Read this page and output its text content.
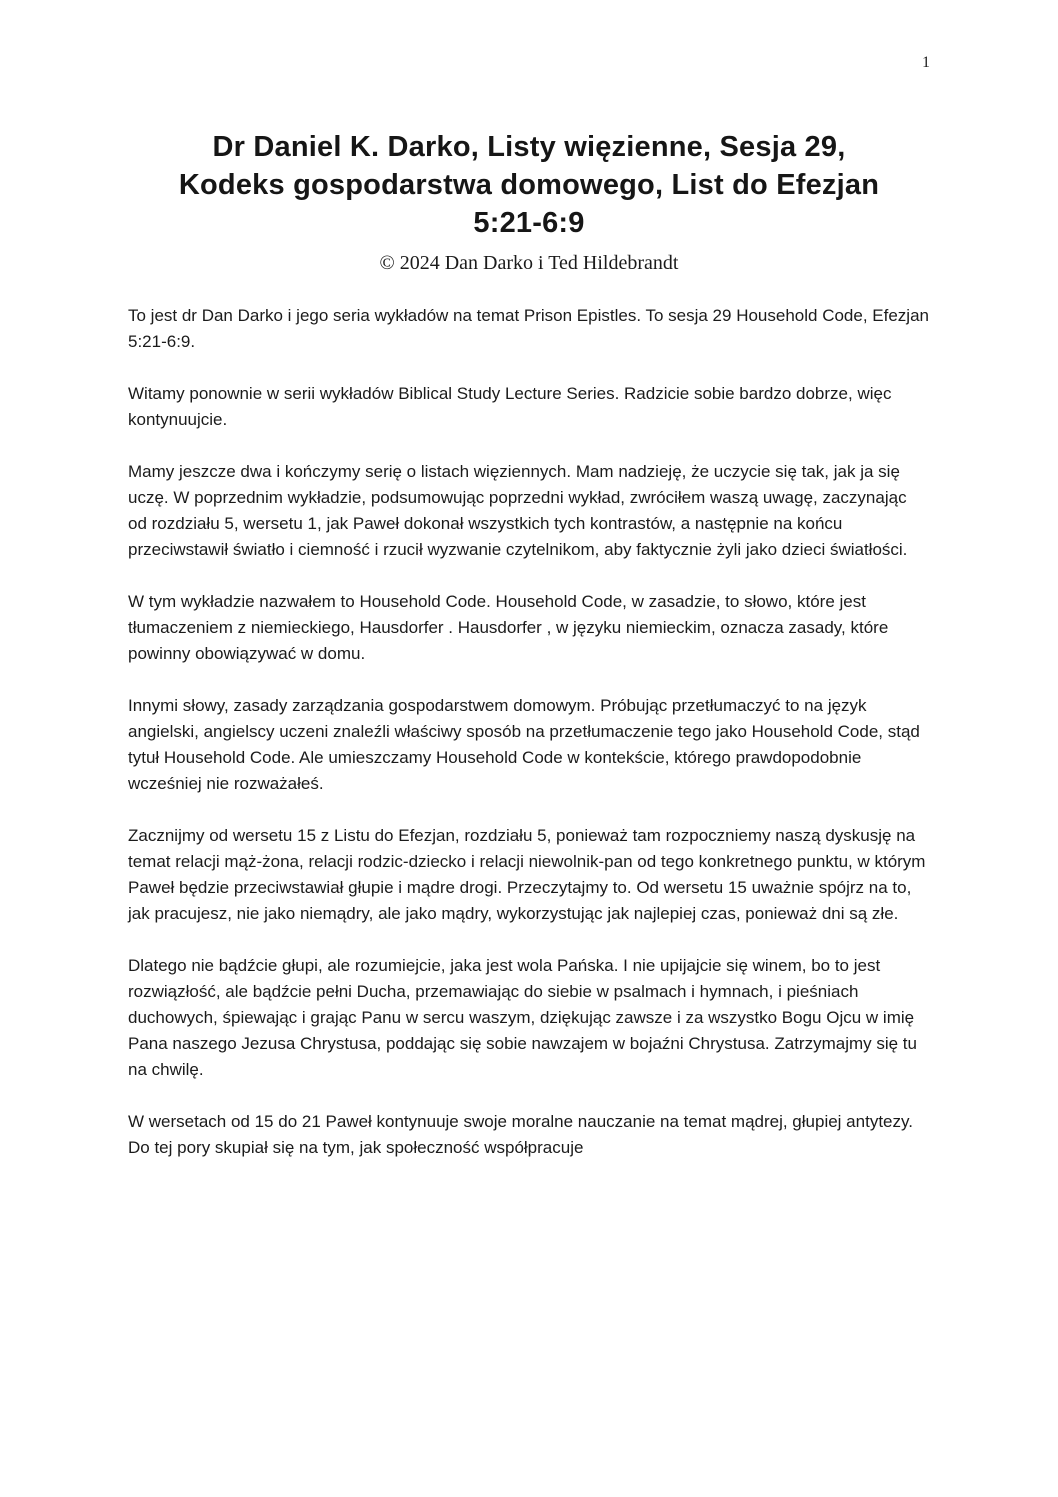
1
Dr Daniel K. Darko, Listy więzienne, Sesja 29,
Kodeks gospodarstwa domowego, List do Efezjan
5:21-6:9
© 2024 Dan Darko i Ted Hildebrandt

To jest dr Dan Darko i jego seria wykładów na temat Prison Epistles. To sesja 29 Household Code, Efezjan 5:21-6:9.

Witamy ponownie w serii wykładów Biblical Study Lecture Series. Radzicie sobie bardzo dobrze, więc kontynuujcie.

Mamy jeszcze dwa i kończymy serię o listach więziennych. Mam nadzieję, że uczycie się tak, jak ja się uczę. W poprzednim wykładzie, podsumowując poprzedni wykład, zwróciłem waszą uwagę, zaczynając od rozdziału 5, wersetu 1, jak Paweł dokonał wszystkich tych kontrastów, a następnie na końcu przeciwstawił światło i ciemność i rzucił wyzwanie czytelnikom, aby faktycznie żyli jako dzieci światłości.

W tym wykładzie nazwałem to Household Code. Household Code, w zasadzie, to słowo, które jest tłumaczeniem z niemieckiego, Hausdorfer . Hausdorfer , w języku niemieckim, oznacza zasady, które powinny obowiązywać w domu.

Innymi słowy, zasady zarządzania gospodarstwem domowym. Próbując przetłumaczyć to na język angielski, angielscy uczeni znaleźli właściwy sposób na przetłumaczenie tego jako Household Code, stąd tytuł Household Code. Ale umieszczamy Household Code w kontekście, którego prawdopodobnie wcześniej nie rozważałeś.

Zacznijmy od wersetu 15 z Listu do Efezjan, rozdziału 5, ponieważ tam rozpoczniemy naszą dyskusję na temat relacji mąż-żona, relacji rodzic-dziecko i relacji niewolnik-pan od tego konkretnego punktu, w którym Paweł będzie przeciwstawiał głupie i mądre drogi. Przeczytajmy to. Od wersetu 15 uważnie spójrz na to, jak pracujesz, nie jako niemądry, ale jako mądry, wykorzystując jak najlepiej czas, ponieważ dni są złe.

Dlatego nie bądźcie głupi, ale rozumiejcie, jaka jest wola Pańska. I nie upijajcie się winem, bo to jest rozwiązłość, ale bądźcie pełni Ducha, przemawiając do siebie w psalmach i hymnach, i pieśniach duchowych, śpiewając i grając Panu w sercu waszym, dziękując zawsze i za wszystko Bogu Ojcu w imię Pana naszego Jezusa Chrystusa, poddając się sobie nawzajem w bojaźni Chrystusa. Zatrzymajmy się tu na chwilę.

W wersetach od 15 do 21 Paweł kontynuuje swoje moralne nauczanie na temat mądrej, głupiej antytezy. Do tej pory skupiał się na tym, jak społeczność współpracuje
